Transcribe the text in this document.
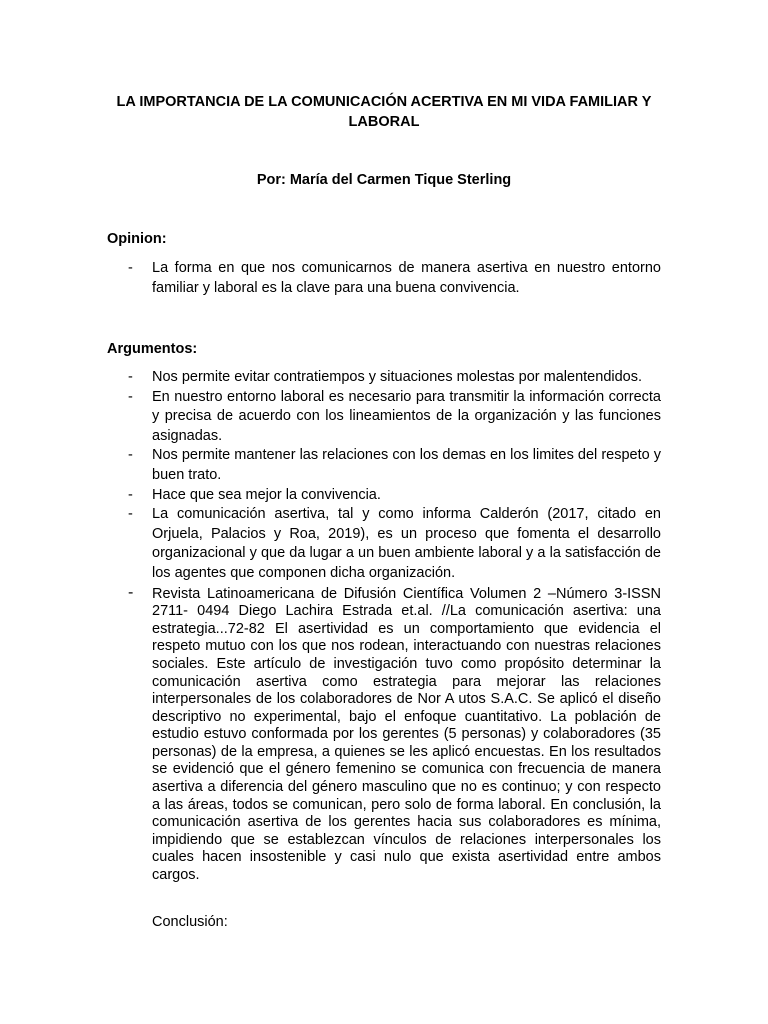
LA IMPORTANCIA DE LA COMUNICACIÓN ACERTIVA EN MI VIDA FAMILIAR Y LABORAL
Por: María del Carmen Tique Sterling
Opinion:
- La forma en que nos comunicarnos de manera asertiva en nuestro entorno familiar y laboral es la clave para una buena convivencia.
Argumentos:
- Nos permite evitar contratiempos y situaciones molestas por malentendidos.
- En nuestro entorno laboral es necesario para transmitir la información correcta y precisa de acuerdo con los lineamientos de la organización y las funciones asignadas.
- Nos permite mantener las relaciones con los demas en los limites del respeto y buen trato.
- Hace que sea mejor la convivencia.
- La comunicación asertiva, tal y como informa Calderón (2017, citado en Orjuela, Palacios y Roa, 2019), es un proceso que fomenta el desarrollo organizacional y que da lugar a un buen ambiente laboral y a la satisfacción de los agentes que componen dicha organización.
- Revista Latinoamericana de Difusión Científica Volumen 2 –Número 3-ISSN 2711- 0494 Diego Lachira Estrada et.al. //La comunicación asertiva: una estrategia...72-82 El asertividad es un comportamiento que evidencia el respeto mutuo con los que nos rodean, interactuando con nuestras relaciones sociales. Este artículo de investigación tuvo como propósito determinar la comunicación asertiva como estrategia para mejorar las relaciones interpersonales de los colaboradores de Nor A utos S.A.C. Se aplicó el diseño descriptivo no experimental, bajo el enfoque cuantitativo. La población de estudio estuvo conformada por los gerentes (5 personas) y colaboradores (35 personas) de la empresa, a quienes se les aplicó encuestas. En los resultados se evidenció que el género femenino se comunica con frecuencia de manera asertiva a diferencia del género masculino que no es continuo; y con respecto a las áreas, todos se comunican, pero solo de forma laboral. En conclusión, la comunicación asertiva de los gerentes hacia sus colaboradores es mínima, impidiendo que se establezcan vínculos de relaciones interpersonales los cuales hacen insostenible y casi nulo que exista asertividad entre ambos cargos.
Conclusión:
